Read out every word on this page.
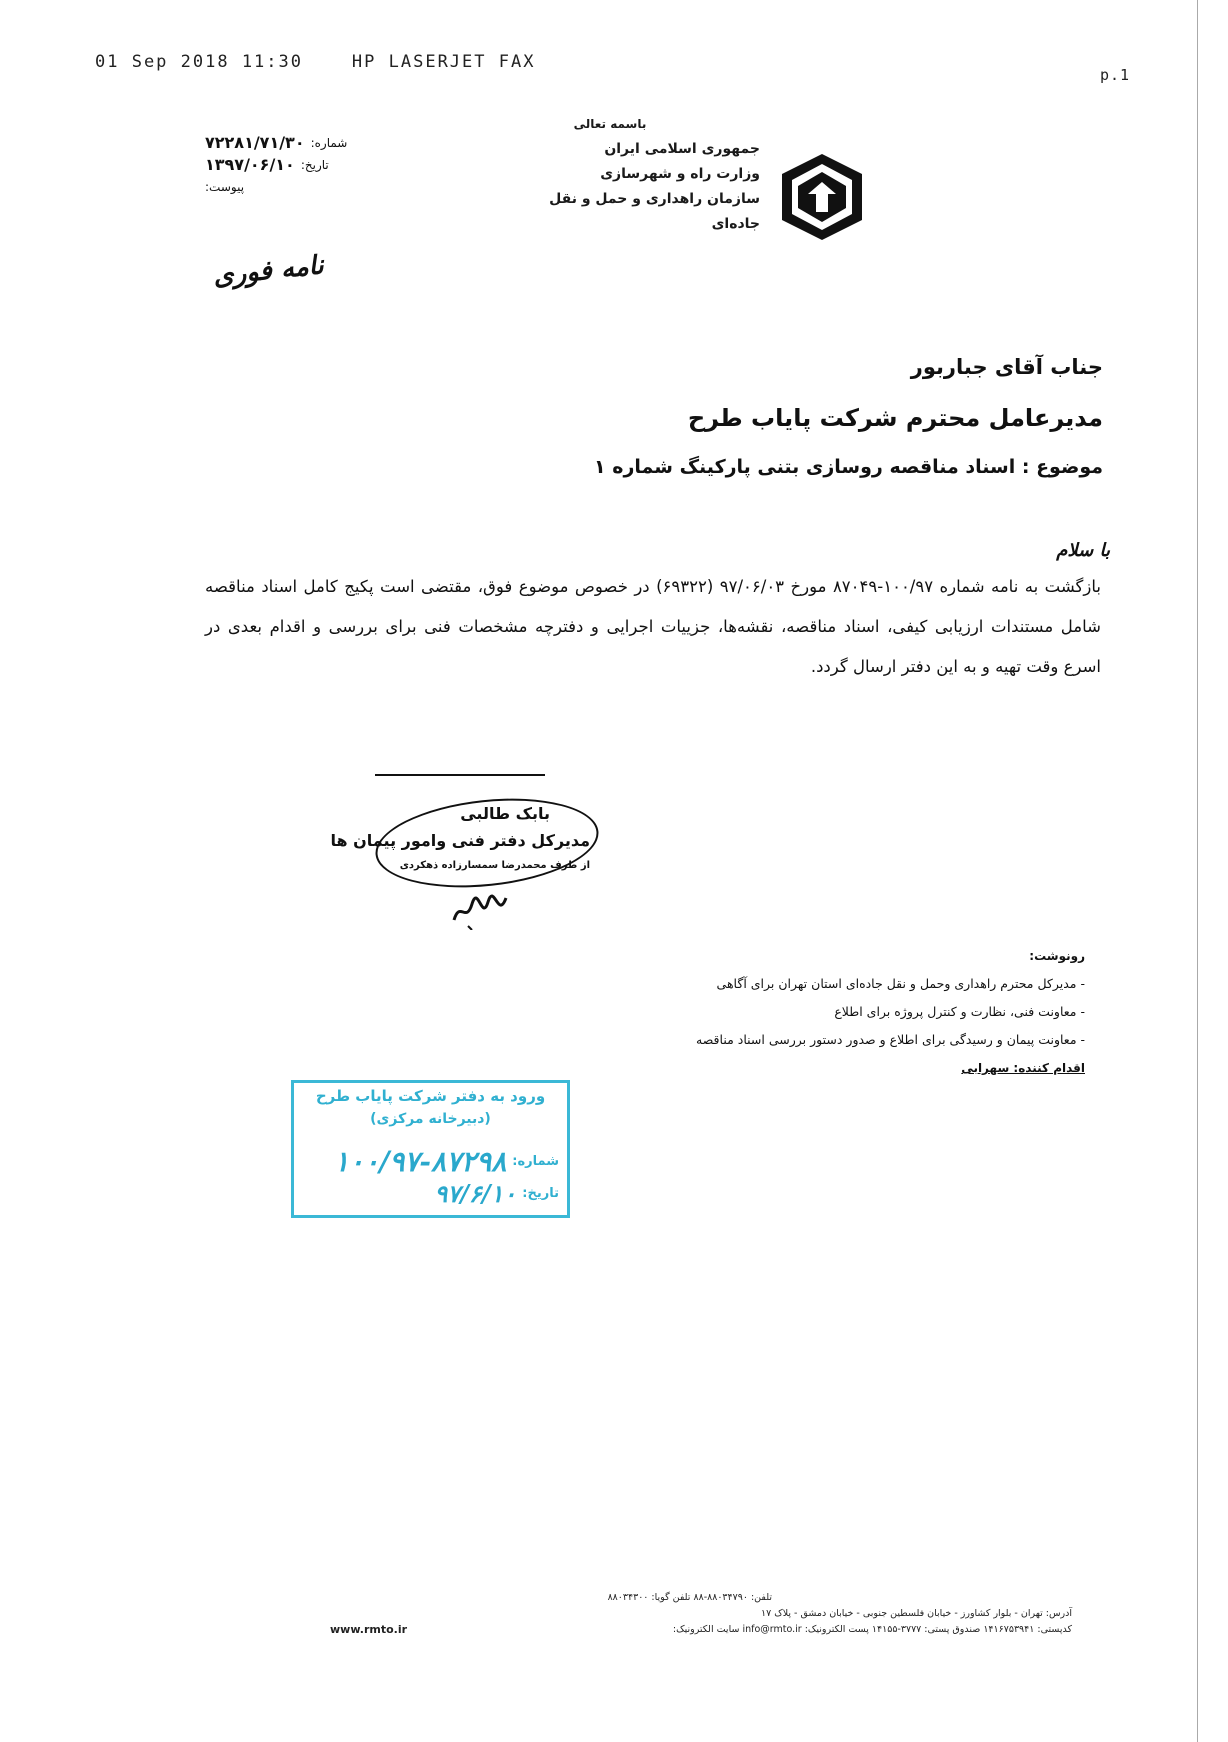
01 Sep 2018 11:30    HP LASERJET FAX
p.1
باسمه تعالی
جمهوری اسلامی ایران
وزارت راه و شهرسازی
سازمان راهداری و حمل و نقل جاده‌ای
شماره:
۷۲۲۸۱/۷۱/۳۰
تاریخ:
۱۳۹۷/۰۶/۱۰
پیوست:
نامه فوری
جناب آقای جباربور
مدیرعامل محترم شرکت پایاب طرح
موضوع : اسناد مناقصه روسازی بتنی پارکینگ شماره ۱
با سلام
بازگشت به نامه شماره ۱۰۰/۹۷-۸۷۰۴۹ مورخ ۹۷/۰۶/۰۳ (۶۹۳۲۲) در خصوص موضوع فوق، مقتضی است پکیج کامل اسناد مناقصه شامل مستندات ارزیابی کیفی، اسناد مناقصه، نقشه‌ها، جزییات اجرایی و دفترچه مشخصات فنی برای بررسی و اقدام بعدی در اسرع وقت تهیه و به این دفتر ارسال گردد.
بابک طالبی
مدیرکل دفتر فنی وامور پیمان ها
از طرف محمدرضا سمسارزاده ذهکردی
رونوشت:
- مدیرکل محترم راهداری وحمل و نقل جاده‌ای استان تهران برای آگاهی
- معاونت فنی، نظارت و کنترل پروژه برای اطلاع
- معاونت پیمان و رسیدگی برای اطلاع و صدور دستور بررسی اسناد مناقصه
اقدام کننده: سهرابی
ورود به دفتر شرکت پایاب طرح
(دبیرخانه مرکزی)
شماره:
۱۰۰/۹۷-۸۷۲۹۸
تاریخ:
۹۷/۶/۱۰
تلفن: ۸۸۰۳۴۷۹۰-۸۸ تلفن گویا: ۸۸۰۳۴۳۰۰
آدرس: تهران - بلوار کشاورز - خیابان فلسطین جنوبی - خیابان دمشق - پلاک ۱۷
کدپستی: ۱۴۱۶۷۵۳۹۴۱ صندوق پستی: ۳۷۷۷-۱۴۱۵۵ پست الکترونیک: info@rmto.ir سایت الکترونیک:
www.rmto.ir
